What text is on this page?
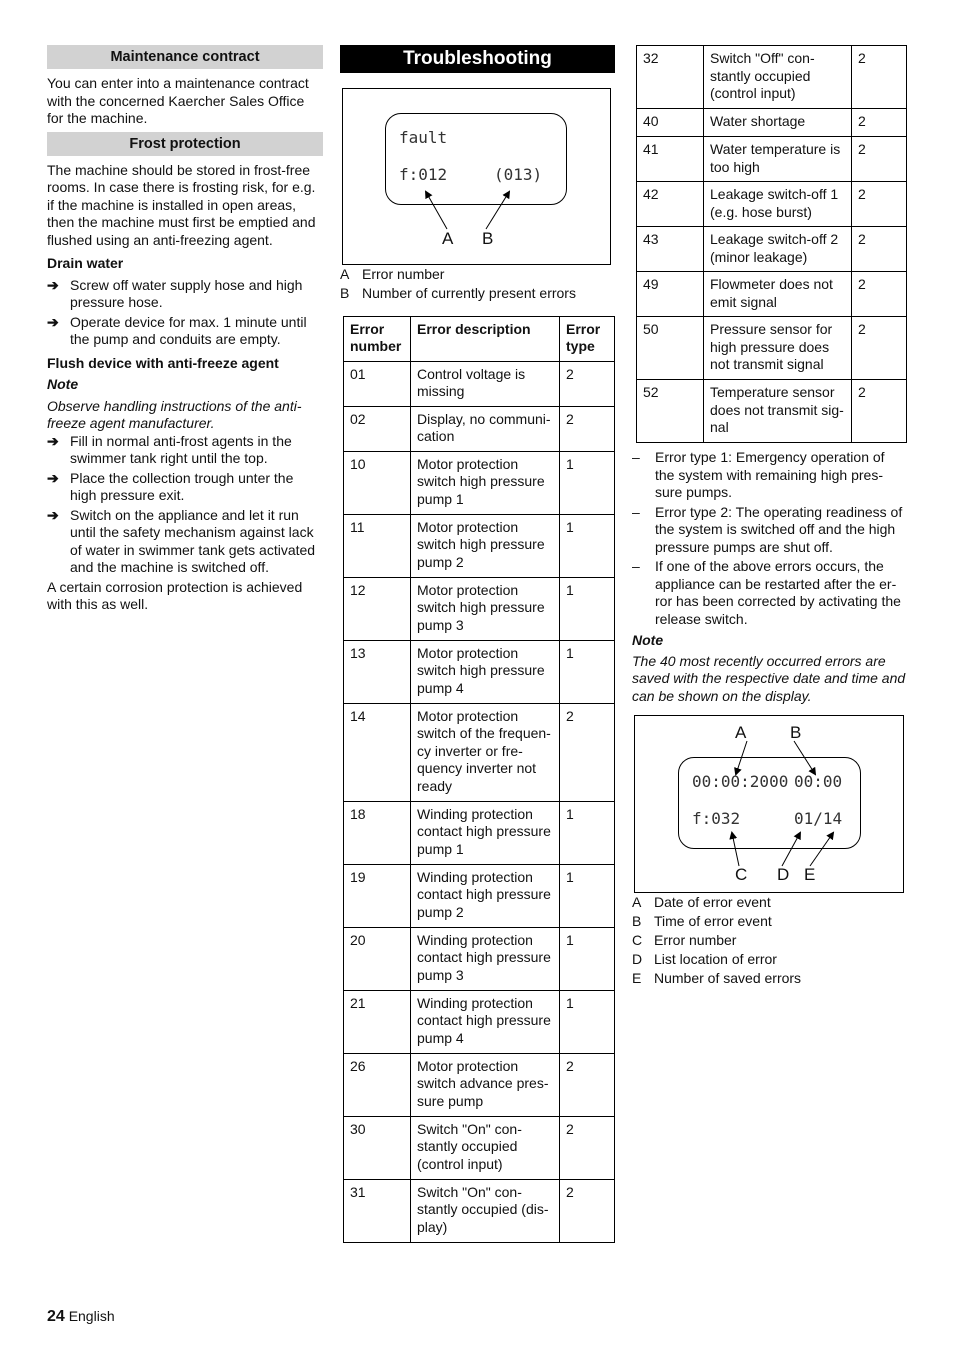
Maintenance contract

You can enter into a maintenance contract with the concerned Kaercher Sales Office for the machine.

Frost protection

The machine should be stored in frost-free rooms. In case there is frosting risk, for e.g. if the machine is installed in open areas, then the machine must first be emptied and flushed using an anti-freezing agent.

Drain water

➔ Screw off water supply hose and high pressure hose.
➔ Operate device for max. 1 minute until the pump and conduits are empty.

Flush device with anti-freeze agent

Note

Observe handling instructions of the anti-freeze agent manufacturer.

➔ Fill in normal anti-frost agents in the swimmer tank right until the top.
➔ Place the collection trough unter the high pressure exit.
➔ Switch on the appliance and let it run until the safety mechanism against lack of water in swimmer tank gets activated and the machine is switched off.

A certain corrosion protection is achieved with this as well.

Troubleshooting
fault
f:012	(013)
A B
A Error number
B Number of currently present errors
Error number	Error description	Error type
01	Control voltage is missing	2
02	Display, no communi-cation	2
10	Motor protection switch high pressure pump 1	1
11	Motor protection switch high pressure pump 2	1
12	Motor protection switch high pressure pump 3	1
13	Motor protection switch high pressure pump 4	1
14	Motor protection switch of the frequen-cy inverter or fre-quency inverter not ready	2
18	Winding protection contact high pressure pump 1	1
19	Winding protection contact high pressure pump 2	1
20	Winding protection contact high pressure pump 3	1
21	Winding protection contact high pressure pump 4	1
26	Motor protection switch advance pres-sure pump	2
30	Switch "On" con-stantly occupied (control input)	2
31	Switch "On" con-stantly occupied (dis-play)	2
32	Switch "Off" con-stantly occupied (control input)	2
40	Water shortage	2
41	Water temperature is too high	2
42	Leakage switch-off 1 (e.g. hose burst)	2
43	Leakage switch-off 2 (minor leakage)	2
49	Flowmeter does not emit signal	2
50	Pressure sensor for high pressure does not transmit signal	2
52	Temperature sensor does not transmit sig-nal	2
– Error type 1: Emergency operation of the system with remaining high pres-sure pumps.
– Error type 2: The operating readiness of the system is switched off and the high pressure pumps are shut off.
– If one of the above errors occurs, the appliance can be restarted after the er-ror has been corrected by activating the release switch.

Note

The 40 most recently occurred errors are saved with the respective date and time and can be shown on the display.

00:00:2000 00:00
f:032	01/14
A	B
C D E
A Date of error event
B Time of error event
C Error number
D List location of error
E Number of saved errors
24 English
